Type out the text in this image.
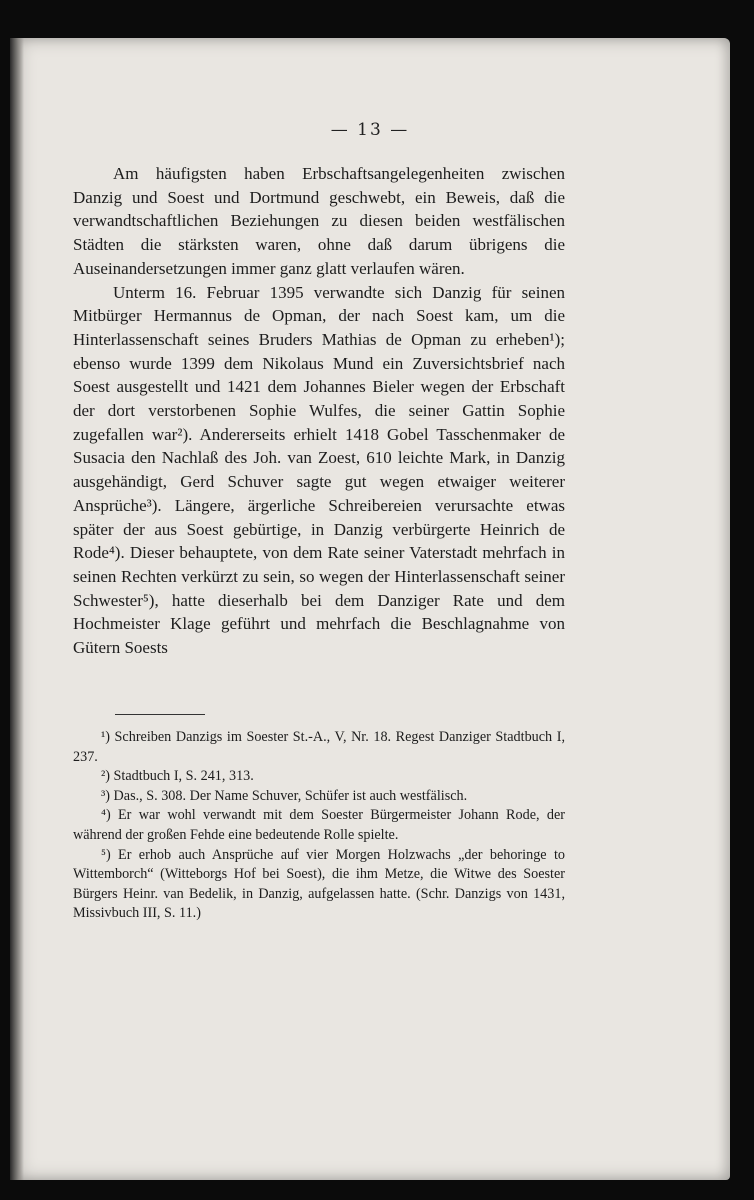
— 13 —

Am häufigsten haben Erbschaftsangelegenheiten zwischen Danzig und Soest und Dortmund geschwebt, ein Beweis, daß die verwandtschaftlichen Beziehungen zu diesen beiden westfälischen Städten die stärksten waren, ohne daß darum übrigens die Auseinandersetzungen immer ganz glatt verlaufen wären.

Unterm 16. Februar 1395 verwandte sich Danzig für seinen Mitbürger Hermannus de Opman, der nach Soest kam, um die Hinterlassenschaft seines Bruders Mathias de Opman zu erheben¹); ebenso wurde 1399 dem Nikolaus Mund ein Zuversichtsbrief nach Soest ausgestellt und 1421 dem Johannes Bieler wegen der Erbschaft der dort verstorbenen Sophie Wulfes, die seiner Gattin Sophie zugefallen war²). Andererseits erhielt 1418 Gobel Tasschenmaker de Susacia den Nachlaß des Joh. van Zoest, 610 leichte Mark, in Danzig ausgehändigt, Gerd Schuver sagte gut wegen etwaiger weiterer Ansprüche³). Längere, ärgerliche Schreibereien verursachte etwas später der aus Soest gebürtige, in Danzig verbürgerte Heinrich de Rode⁴). Dieser behauptete, von dem Rate seiner Vaterstadt mehrfach in seinen Rechten verkürzt zu sein, so wegen der Hinterlassenschaft seiner Schwester⁵), hatte dieserhalb bei dem Danziger Rate und dem Hochmeister Klage geführt und mehrfach die Beschlagnahme von Gütern Soests

¹) Schreiben Danzigs im Soester St.-A., V, Nr. 18. Regest Danziger Stadtbuch I, 237.

²) Stadtbuch I, S. 241, 313.

³) Das., S. 308. Der Name Schuver, Schüfer ist auch westfälisch.

⁴) Er war wohl verwandt mit dem Soester Bürgermeister Johann Rode, der während der großen Fehde eine bedeutende Rolle spielte.

⁵) Er erhob auch Ansprüche auf vier Morgen Holzwachs „der behoringe to Wittemborch“ (Witteborgs Hof bei Soest), die ihm Metze, die Witwe des Soester Bürgers Heinr. van Bedelik, in Danzig, aufgelassen hatte. (Schr. Danzigs von 1431, Missivbuch III, S. 11.)
